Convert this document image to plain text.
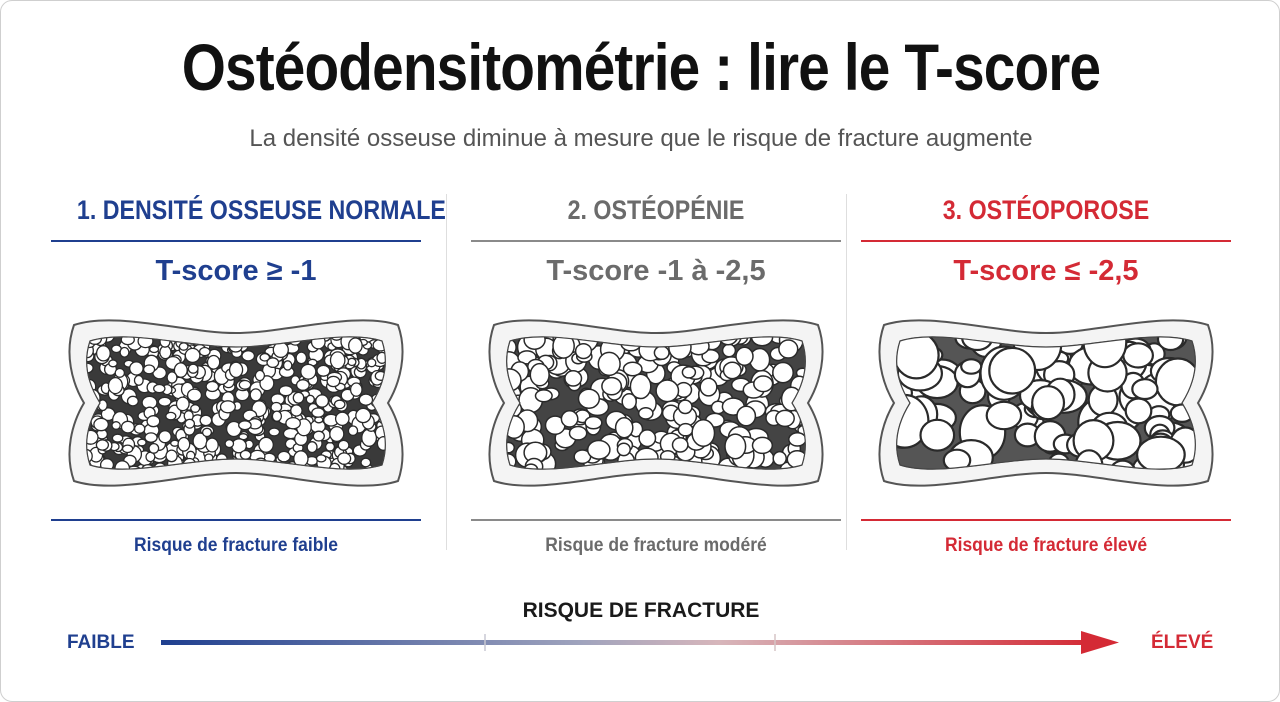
Ostéodensitométrie : lire le T-score
La densité osseuse diminue à mesure que le risque de fracture augmente
1. DENSITÉ OSSEUSE NORMALE
T-score ≥ -1
Risque de fracture faible
2. OSTÉOPÉNIE
T-score -1 à -2,5
Risque de fracture modéré
3. OSTÉOPOROSE
T-score ≤ -2,5
Risque de fracture élevé
RISQUE DE FRACTURE
FAIBLE	ÉLEVÉ
